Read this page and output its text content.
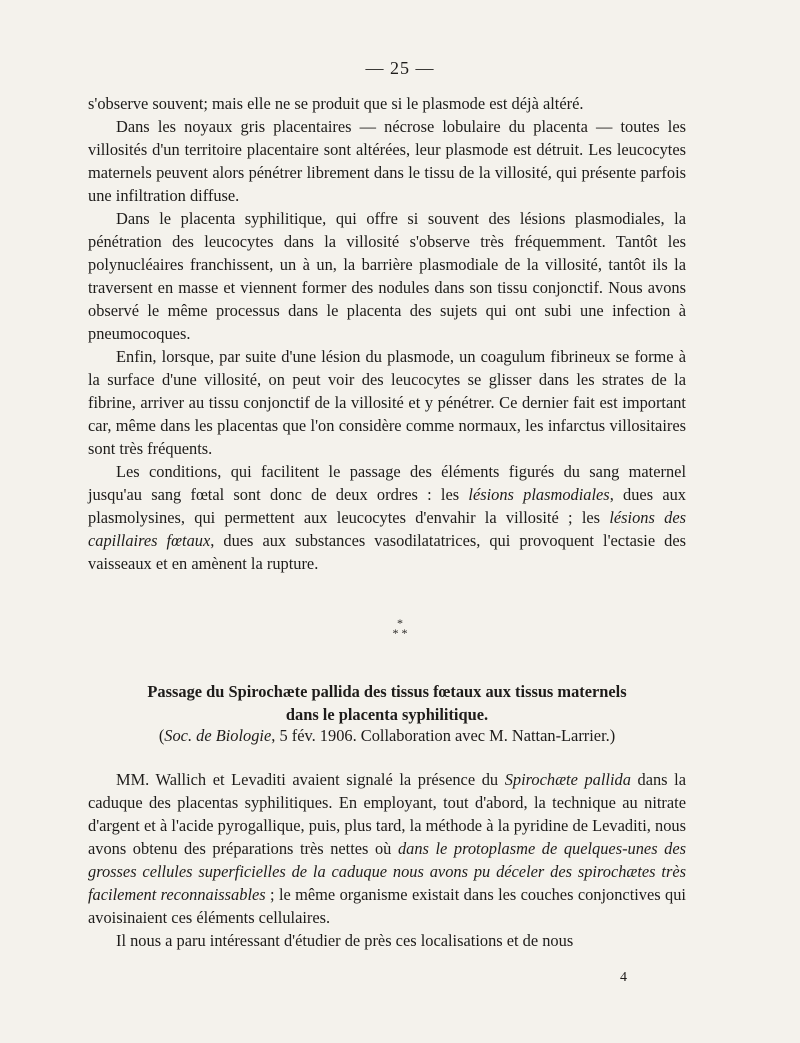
— 25 —

s'observe souvent; mais elle ne se produit que si le plasmode est déjà altéré.

Dans les noyaux gris placentaires — nécrose lobulaire du placenta — toutes les villosités d'un territoire placentaire sont altérées, leur plasmode est détruit. Les leucocytes maternels peuvent alors pénétrer librement dans le tissu de la villosité, qui présente parfois une infiltration diffuse.

Dans le placenta syphilitique, qui offre si souvent des lésions plasmodiales, la pénétration des leucocytes dans la villosité s'observe très fréquemment. Tantôt les polynucléaires franchissent, un à un, la barrière plasmodiale de la villosité, tantôt ils la traversent en masse et viennent former des nodules dans son tissu conjonctif. Nous avons observé le même processus dans le placenta des sujets qui ont subi une infection à pneumocoques.

Enfin, lorsque, par suite d'une lésion du plasmode, un coagulum fibrineux se forme à la surface d'une villosité, on peut voir des leucocytes se glisser dans les strates de la fibrine, arriver au tissu conjonctif de la villosité et y pénétrer. Ce dernier fait est important car, même dans les placentas que l'on considère comme normaux, les infarctus villositaires sont très fréquents.

Les conditions, qui facilitent le passage des éléments figurés du sang maternel jusqu'au sang fœtal sont donc de deux ordres : les lésions plasmodiales, dues aux plasmolysines, qui permettent aux leucocytes d'envahir la villosité ; les lésions des capillaires fœtaux, dues aux substances vasodilatatrices, qui provoquent l'ectasie des vaisseaux et en amènent la rupture.

*
* *
Passage du Spirochæte pallida des tissus fœtaux aux tissus maternels
dans le placenta syphilitique.
(Soc. de Biologie, 5 fév. 1906. Collaboration avec M. Nattan-Larrier.)

MM. Wallich et Levaditi avaient signalé la présence du Spirochæte pallida dans la caduque des placentas syphilitiques. En employant, tout d'abord, la technique au nitrate d'argent et à l'acide pyrogallique, puis, plus tard, la méthode à la pyridine de Levaditi, nous avons obtenu des préparations très nettes où dans le protoplasme de quelques-unes des grosses cellules superficielles de la caduque nous avons pu déceler des spirochætes très facilement reconnaissables ; le même organisme existait dans les couches conjonctives qui avoisinaient ces éléments cellulaires.

Il nous a paru intéressant d'étudier de près ces localisations et de nous

4
